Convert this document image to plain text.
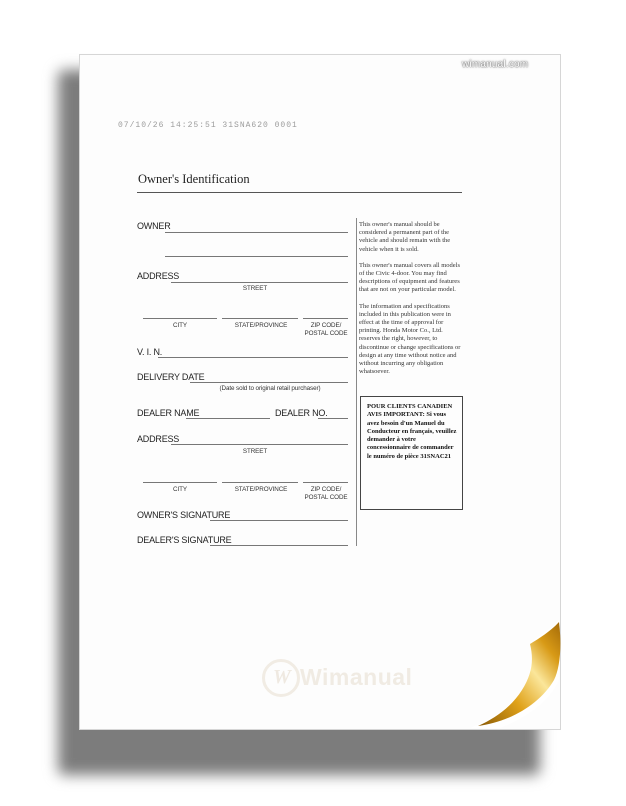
wimanual.com
07/10/26 14:25:51 31SNA620 0001
Owner's Identification
OWNER
ADDRESS
STREET
CITY	STATE/PROVINCE	ZIP CODE/
POSTAL CODE
V. I. N.
DELIVERY DATE
(Date sold to original retail purchaser)
DEALER NAME	DEALER NO.
ADDRESS
STREET
CITY	STATE/PROVINCE	ZIP CODE/
POSTAL CODE
OWNER'S SIGNATURE
DEALER'S SIGNATURE

This owner's manual should be considered a permanent part of the vehicle and should remain with the vehicle when it is sold.

This owner's manual covers all models of the Civic 4-door. You may find descriptions of equipment and features that are not on your particular model.

The information and specifications included in this publication were in effect at the time of approval for printing. Honda Motor Co., Ltd. reserves the right, however, to discontinue or change specifications or design at any time without notice and without incurring any obligation whatsoever.

POUR CLIENTS CANADIEN
AVIS IMPORTANT: Si vous avez besoin d'un Manuel du Conducteur en français, veuillez demander à votre concessionnaire de commander le numéro de pièce 31SNAC21
W Wimanual
